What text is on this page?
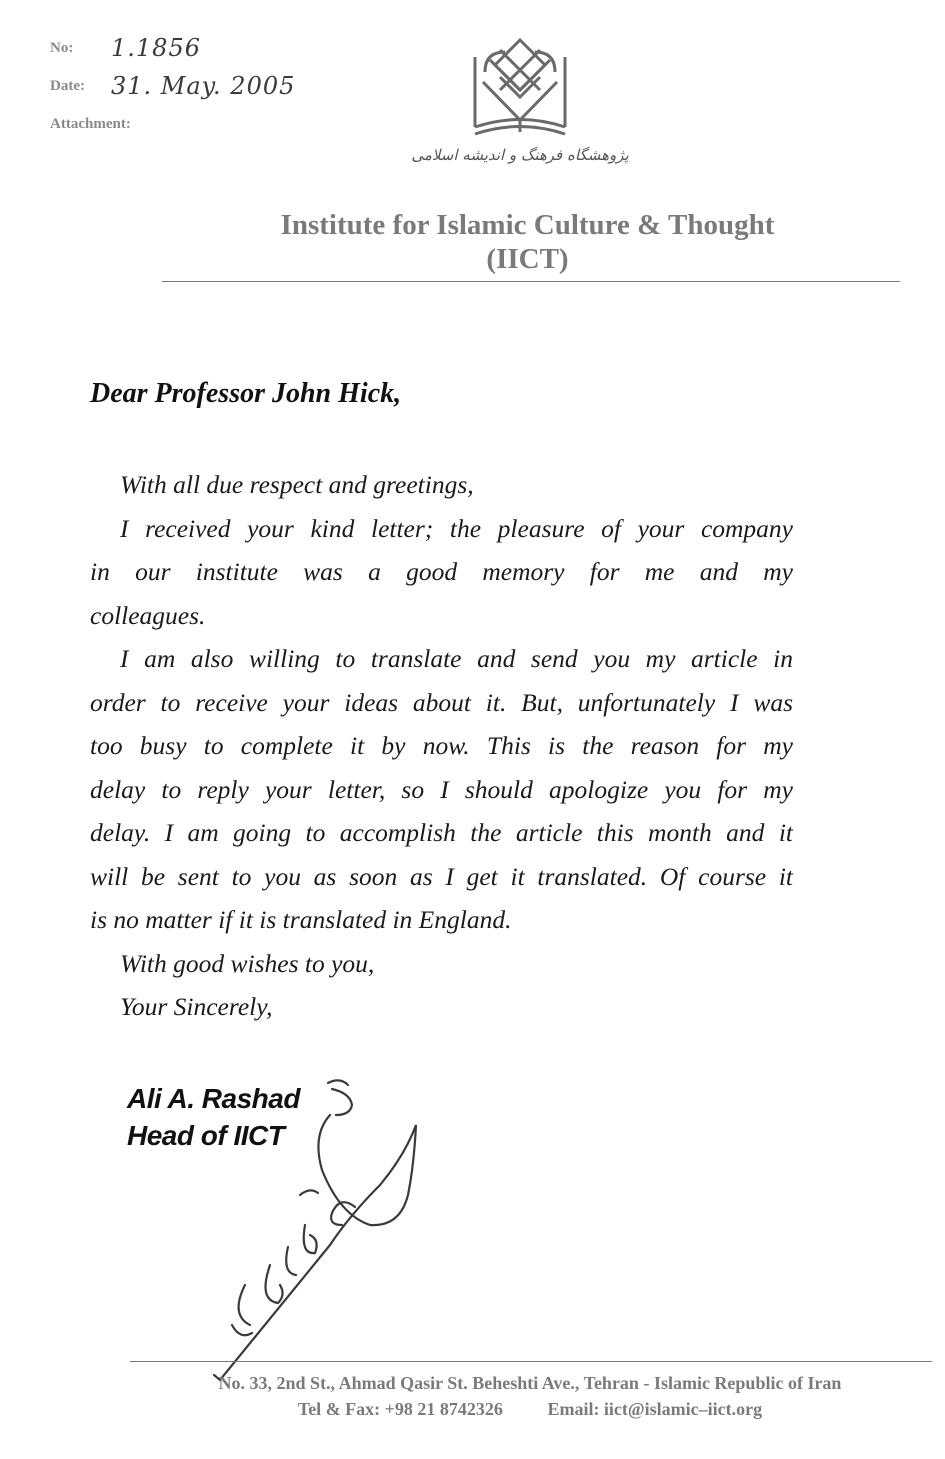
No:	1.1856
Date:	31. May. 2005
Attachment:
پژوهشگاه فرهنگ و اندیشه اسلامی
Institute for Islamic Culture & Thought
(IICT)
Dear Professor John Hick,
With all due respect and greetings,
I received your kind letter; the pleasure of your company
in our institute was a good memory for me and my
colleagues.
I am also willing to translate and send you my article in
order to receive your ideas about it. But, unfortunately I was
too busy to complete it by now. This is the reason for my
delay to reply your letter, so I should apologize you for my
delay. I am going to accomplish the article this month and it
will be sent to you as soon as I get it translated. Of course it
is no matter if it is translated in England.
With good wishes to you,
Your Sincerely,
Ali A. Rashad
Head of IICT
No. 33, 2nd St., Ahmad Qasir St. Beheshti Ave., Tehran - Islamic Republic of Iran
Tel & Fax: +98 21 8742326 Email: iict@islamic–iict.org
